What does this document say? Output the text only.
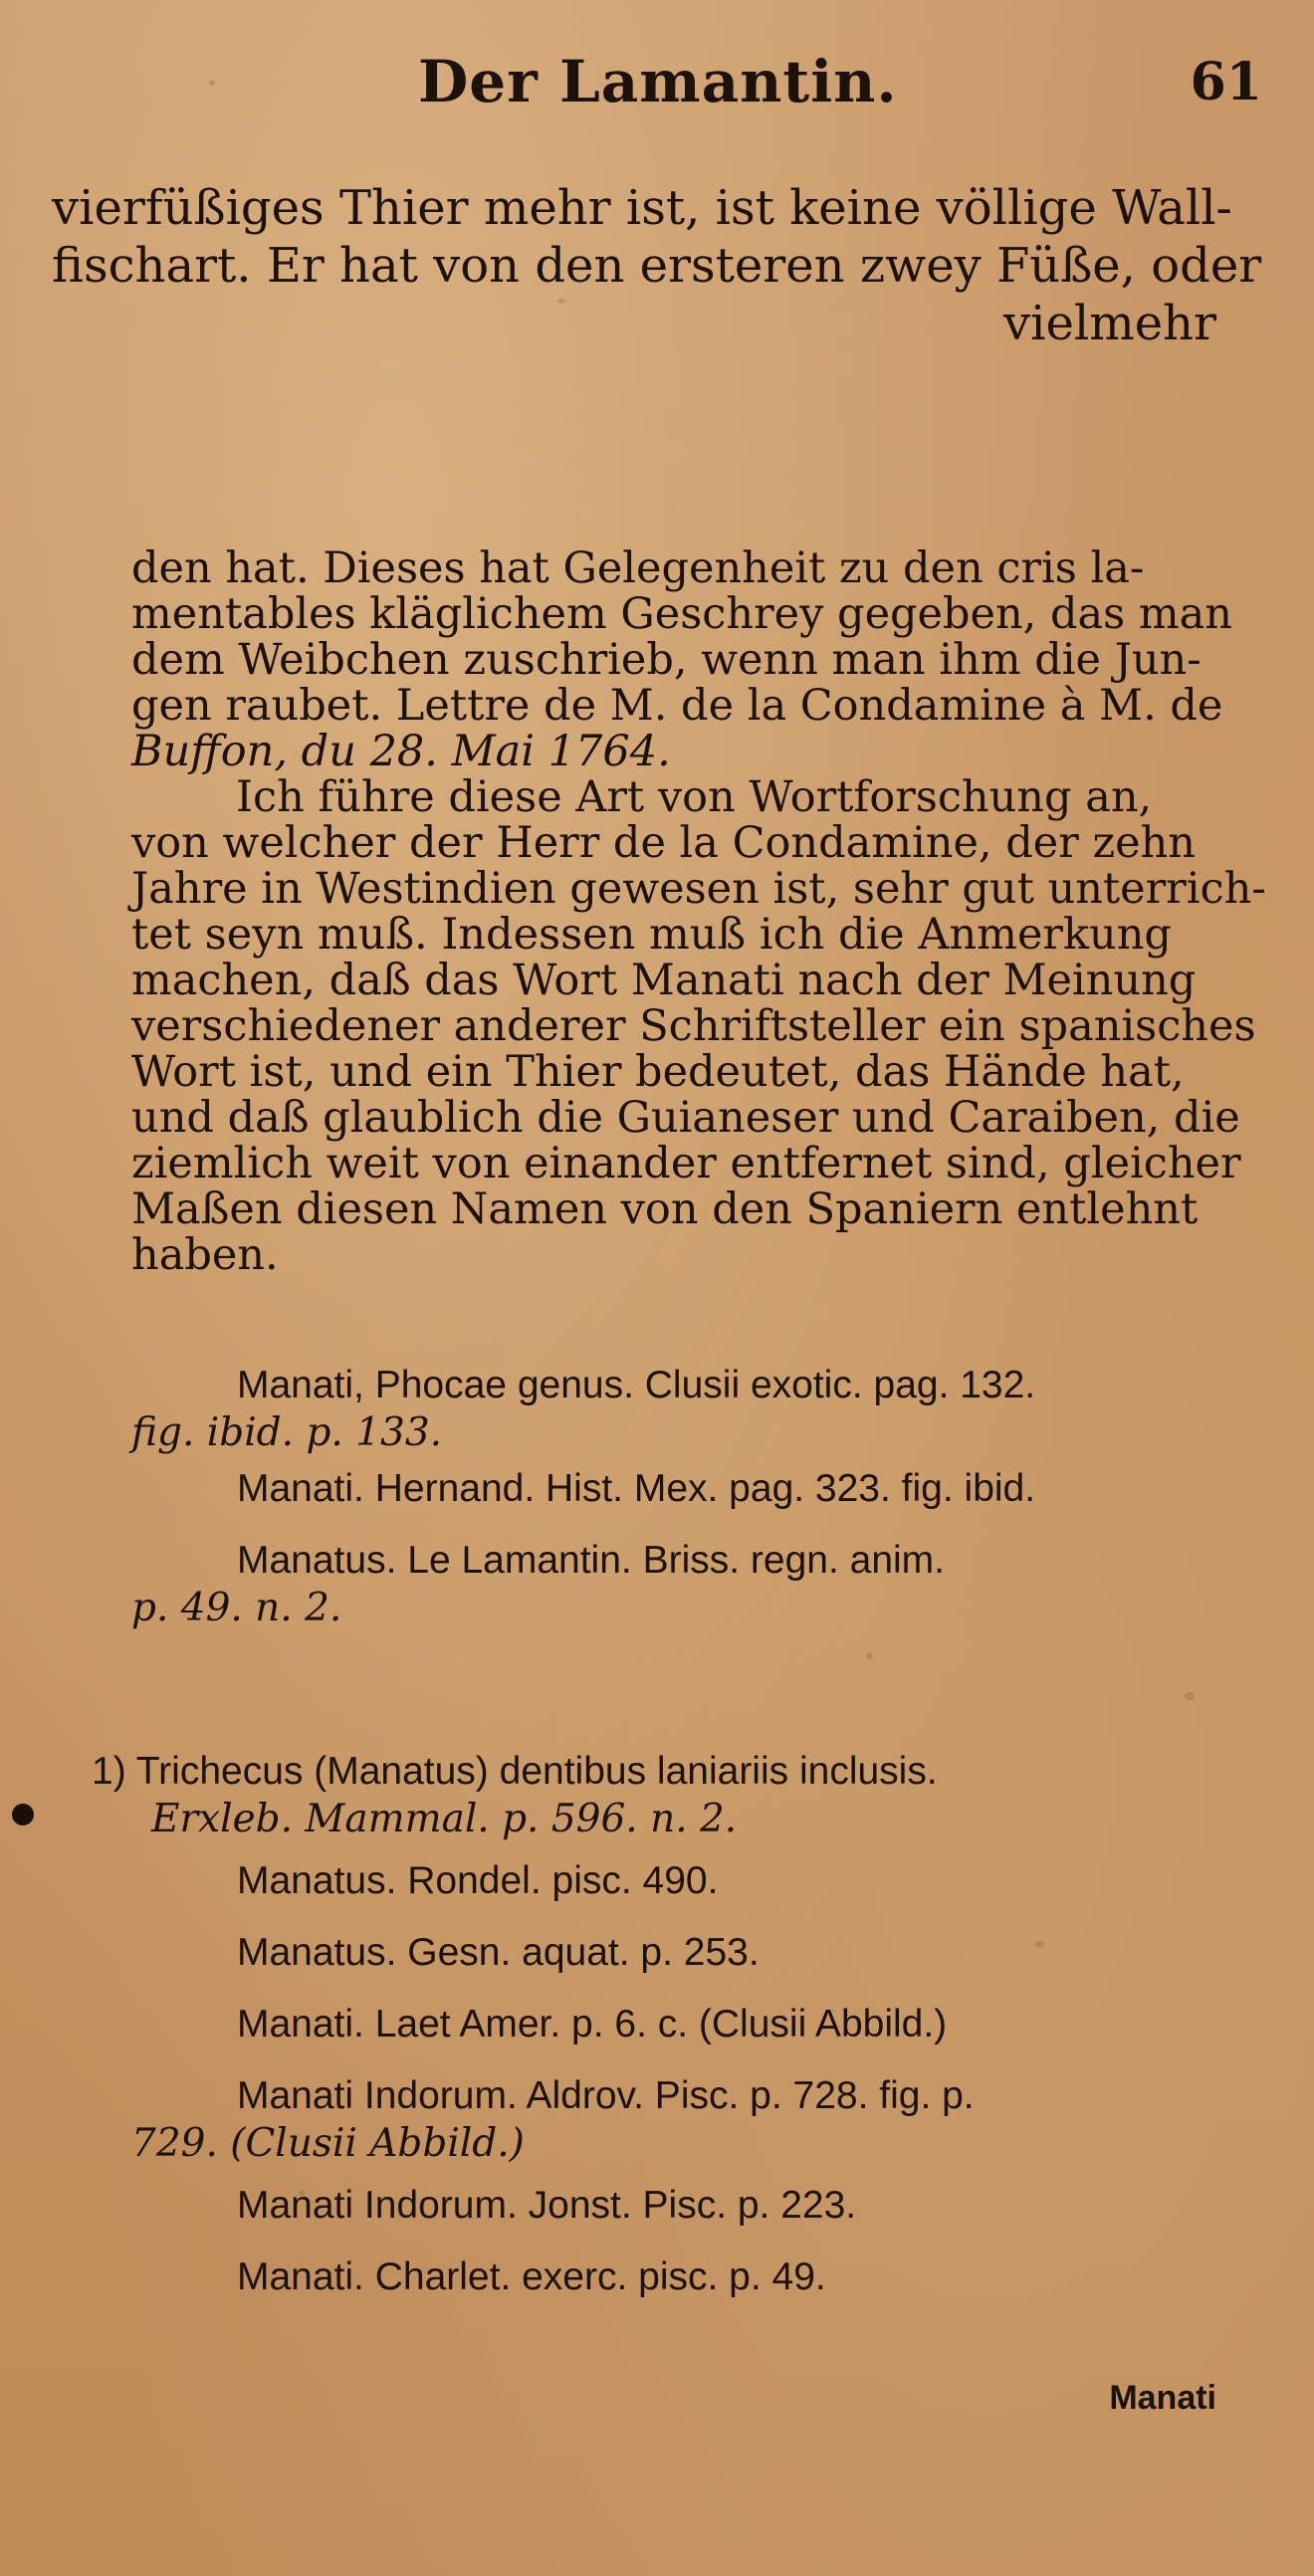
Der Lamantin.	61
vierfüßiges Thier mehr ist, ist keine völlige Wall-
fischart. Er hat von den ersteren zwey Füße, oder
vielmehr
den hat. Dieses hat Gelegenheit zu den cris la-
mentables kläglichem Geschrey gegeben, das man
dem Weibchen zuschrieb, wenn man ihm die Jun-
gen raubet. Lettre de M. de la Condamine à M. de
Buffon, du 28. Mai 1764.
Ich führe diese Art von Wortforschung an,
von welcher der Herr de la Condamine, der zehn
Jahre in Westindien gewesen ist, sehr gut unterrich-
tet seyn muß. Indessen muß ich die Anmerkung
machen, daß das Wort Manati nach der Meinung
verschiedener anderer Schriftsteller ein spanisches
Wort ist, und ein Thier bedeutet, das Hände hat,
und daß glaublich die Guianeser und Caraiben, die
ziemlich weit von einander entfernet sind, gleicher
Maßen diesen Namen von den Spaniern entlehnt
haben.
Manati, Phocae genus. Clusii exotic. pag. 132.
fig. ibid. p. 133.
Manati. Hernand. Hist. Mex. pag. 323. fig. ibid.
Manatus. Le Lamantin. Briss. regn. anim.
p. 49. n. 2.
1) Trichecus (Manatus) dentibus laniariis inclusis.
Erxleb. Mammal. p. 596. n. 2.
Manatus. Rondel. pisc. 490.
Manatus. Gesn. aquat. p. 253.
Manati. Laet Amer. p. 6. c. (Clusii Abbild.)
Manati Indorum. Aldrov. Pisc. p. 728. fig. p.
729. (Clusii Abbild.)
Manati Indorum. Jonst. Pisc. p. 223.
Manati. Charlet. exerc. pisc. p. 49.
Manati
